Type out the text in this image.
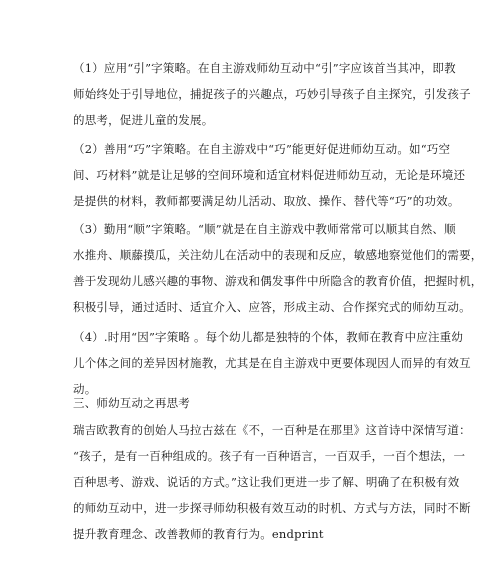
（1）应用“引”字策略。在自主游戏师幼互动中“引”字应该首当其冲，即教
师始终处于引导地位，捕捉孩子的兴趣点，巧妙引导孩子自主探究，引发孩子
的思考，促进儿童的发展。

（2）善用“巧”字策略。在自主游戏中“巧”能更好促进师幼互动。如“巧空
间、巧材料”就是让足够的空间环境和适宜材料促进师幼互动，无论是环境还
是提供的材料，教师都要满足幼儿活动、取放、操作、替代等“巧”的功效。

（3）勤用“顺”字策略。“顺”就是在自主游戏中教师常常可以顺其自然、顺
水推舟、顺藤摸瓜，关注幼儿在活动中的表现和反应，敏感地察觉他们的需要，
善于发现幼儿感兴趣的事物、游戏和偶发事件中所隐含的教育价值，把握时机，
积极引导，通过适时、适宜介入、应答，形成主动、合作探究式的师幼互动。

（4）.时用“因”字策略 。每个幼儿都是独特的个体，教师在教育中应注重幼
儿个体之间的差异因材施教，尤其是在自主游戏中更要体现因人而异的有效互
动。

三、师幼互动之再思考

瑞吉欧教育的创始人马拉古兹在《不，一百种是在那里》这首诗中深情写道：

“孩子，是有一百种组成的。孩子有一百种语言，一百双手，一百个想法，一
百种思考、游戏、说话的方式。”这让我们更进一步了解、明确了在积极有效
的师幼互动中，进一步探寻师幼积极有效互动的时机、方式与方法，同时不断
提升教育理念、改善教师的教育行为。endprint
